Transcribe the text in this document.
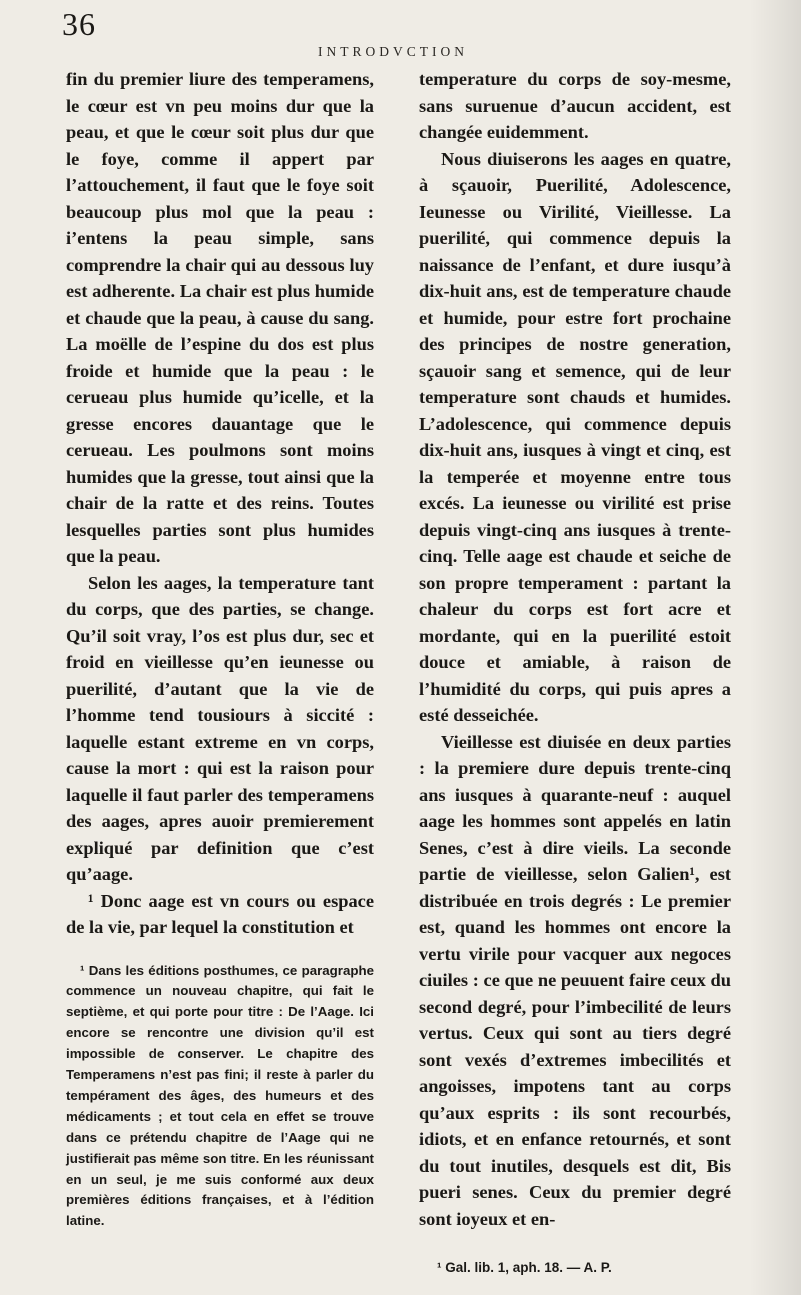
36
INTRODVCTION

fin du premier liure des temperamens, le cœur est vn peu moins dur que la peau, et que le cœur soit plus dur que le foye, comme il appert par l’attouchement, il faut que le foye soit beaucoup plus mol que la peau : i’entens la peau simple, sans comprendre la chair qui au dessous luy est adherente. La chair est plus humide et chaude que la peau, à cause du sang. La moëlle de l’espine du dos est plus froide et humide que la peau : le cerueau plus humide qu’icelle, et la gresse encores dauantage que le cerueau. Les poulmons sont moins humides que la gresse, tout ainsi que la chair de la ratte et des reins. Toutes lesquelles parties sont plus humides que la peau.

Selon les aages, la temperature tant du corps, que des parties, se change. Qu’il soit vray, l’os est plus dur, sec et froid en vieillesse qu’en ieunesse ou puerilité, d’autant que la vie de l’homme tend tousiours à siccité : laquelle estant extreme en vn corps, cause la mort : qui est la raison pour laquelle il faut parler des temperamens des aages, apres auoir premierement expliqué par definition que c’est qu’aage.

¹ Donc aage est vn cours ou espace de la vie, par lequel la constitution et

¹ Dans les éditions posthumes, ce paragraphe commence un nouveau chapitre, qui fait le septième, et qui porte pour titre : De l’Aage. Ici encore se rencontre une division qu’il est impossible de conserver. Le chapitre des Temperamens n’est pas fini; il reste à parler du tempérament des âges, des humeurs et des médicaments ; et tout cela en effet se trouve dans ce prétendu chapitre de l’Aage qui ne justifierait pas même son titre. En les réunissant en un seul, je me suis conformé aux deux premières éditions françaises, et à l’édition latine.

temperature du corps de soy-mesme, sans suruenue d’aucun accident, est changée euidemment.

Nous diuiserons les aages en quatre, à sçauoir, Puerilité, Adolescence, Ieunesse ou Virilité, Vieillesse. La puerilité, qui commence depuis la naissance de l’enfant, et dure iusqu’à dix-huit ans, est de temperature chaude et humide, pour estre fort prochaine des principes de nostre generation, sçauoir sang et semence, qui de leur temperature sont chauds et humides. L’adolescence, qui commence depuis dix-huit ans, iusques à vingt et cinq, est la temperée et moyenne entre tous excés. La ieunesse ou virilité est prise depuis vingt-cinq ans iusques à trente-cinq. Telle aage est chaude et seiche de son propre temperament : partant la chaleur du corps est fort acre et mordante, qui en la puerilité estoit douce et amiable, à raison de l’humidité du corps, qui puis apres a esté desseichée.

Vieillesse est diuisée en deux parties : la premiere dure depuis trente-cinq ans iusques à quarante-neuf : auquel aage les hommes sont appelés en latin Senes, c’est à dire vieils. La seconde partie de vieillesse, selon Galien¹, est distribuée en trois degrés : Le premier est, quand les hommes ont encore la vertu virile pour vacquer aux negoces ciuiles : ce que ne peuuent faire ceux du second degré, pour l’imbecilité de leurs vertus. Ceux qui sont au tiers degré sont vexés d’extremes imbecilités et angoisses, impotens tant au corps qu’aux esprits : ils sont recourbés, idiots, et en enfance retournés, et sont du tout inutiles, desquels est dit, Bis pueri senes. Ceux du premier degré sont ioyeux et en-

¹ Gal. lib. 1, aph. 18. — A. P.
